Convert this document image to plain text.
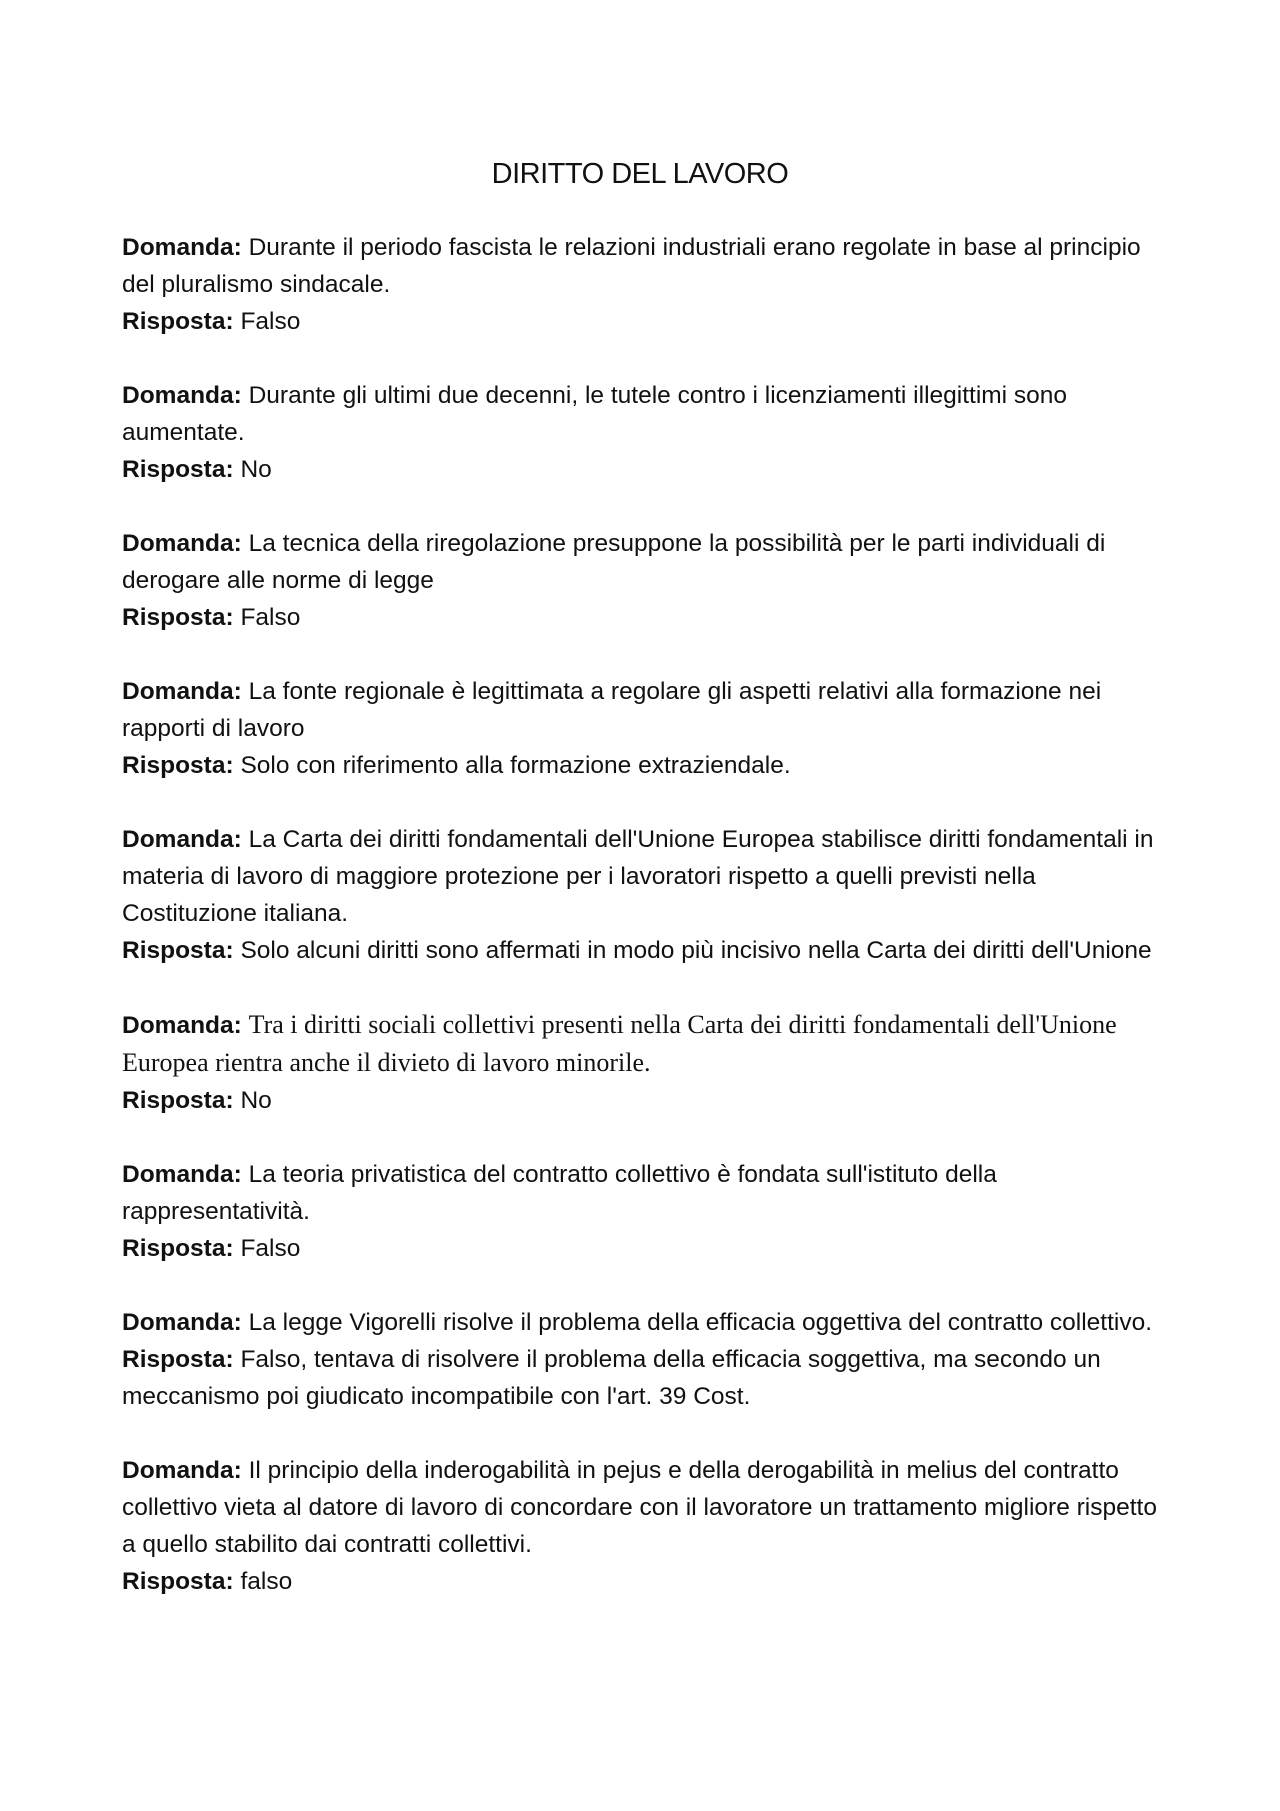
DIRITTO DEL LAVORO

Domanda: Durante il periodo fascista le relazioni industriali erano regolate in base al principio del pluralismo sindacale.

Risposta: Falso

Domanda: Durante gli ultimi due decenni, le tutele contro i licenziamenti illegittimi sono aumentate.

Risposta: No

Domanda: La tecnica della riregolazione presuppone la possibilità per le parti individuali di derogare alle norme di legge

Risposta: Falso

Domanda: La fonte regionale è legittimata a regolare gli aspetti relativi alla formazione nei rapporti di lavoro

Risposta: Solo con riferimento alla formazione extraziendale.

Domanda: La Carta dei diritti fondamentali dell'Unione Europea stabilisce diritti fondamentali in materia di lavoro di maggiore protezione per i lavoratori rispetto a quelli previsti nella Costituzione italiana.

Risposta: Solo alcuni diritti sono affermati in modo più incisivo nella Carta dei diritti dell'Unione

Domanda: Tra i diritti sociali collettivi presenti nella Carta dei diritti fondamentali dell'Unione Europea rientra anche il divieto di lavoro minorile.

Risposta: No

Domanda: La teoria privatistica del contratto collettivo è fondata sull'istituto della rappresentatività.

Risposta: Falso

Domanda: La legge Vigorelli risolve il problema della efficacia oggettiva del contratto collettivo.

Risposta: Falso, tentava di risolvere il problema della efficacia soggettiva, ma secondo un meccanismo poi giudicato incompatibile con l'art. 39 Cost.

Domanda: Il principio della inderogabilità in pejus e della derogabilità in melius del contratto collettivo vieta al datore di lavoro di concordare con il lavoratore un trattamento migliore rispetto a quello stabilito dai contratti collettivi.

Risposta: falso
